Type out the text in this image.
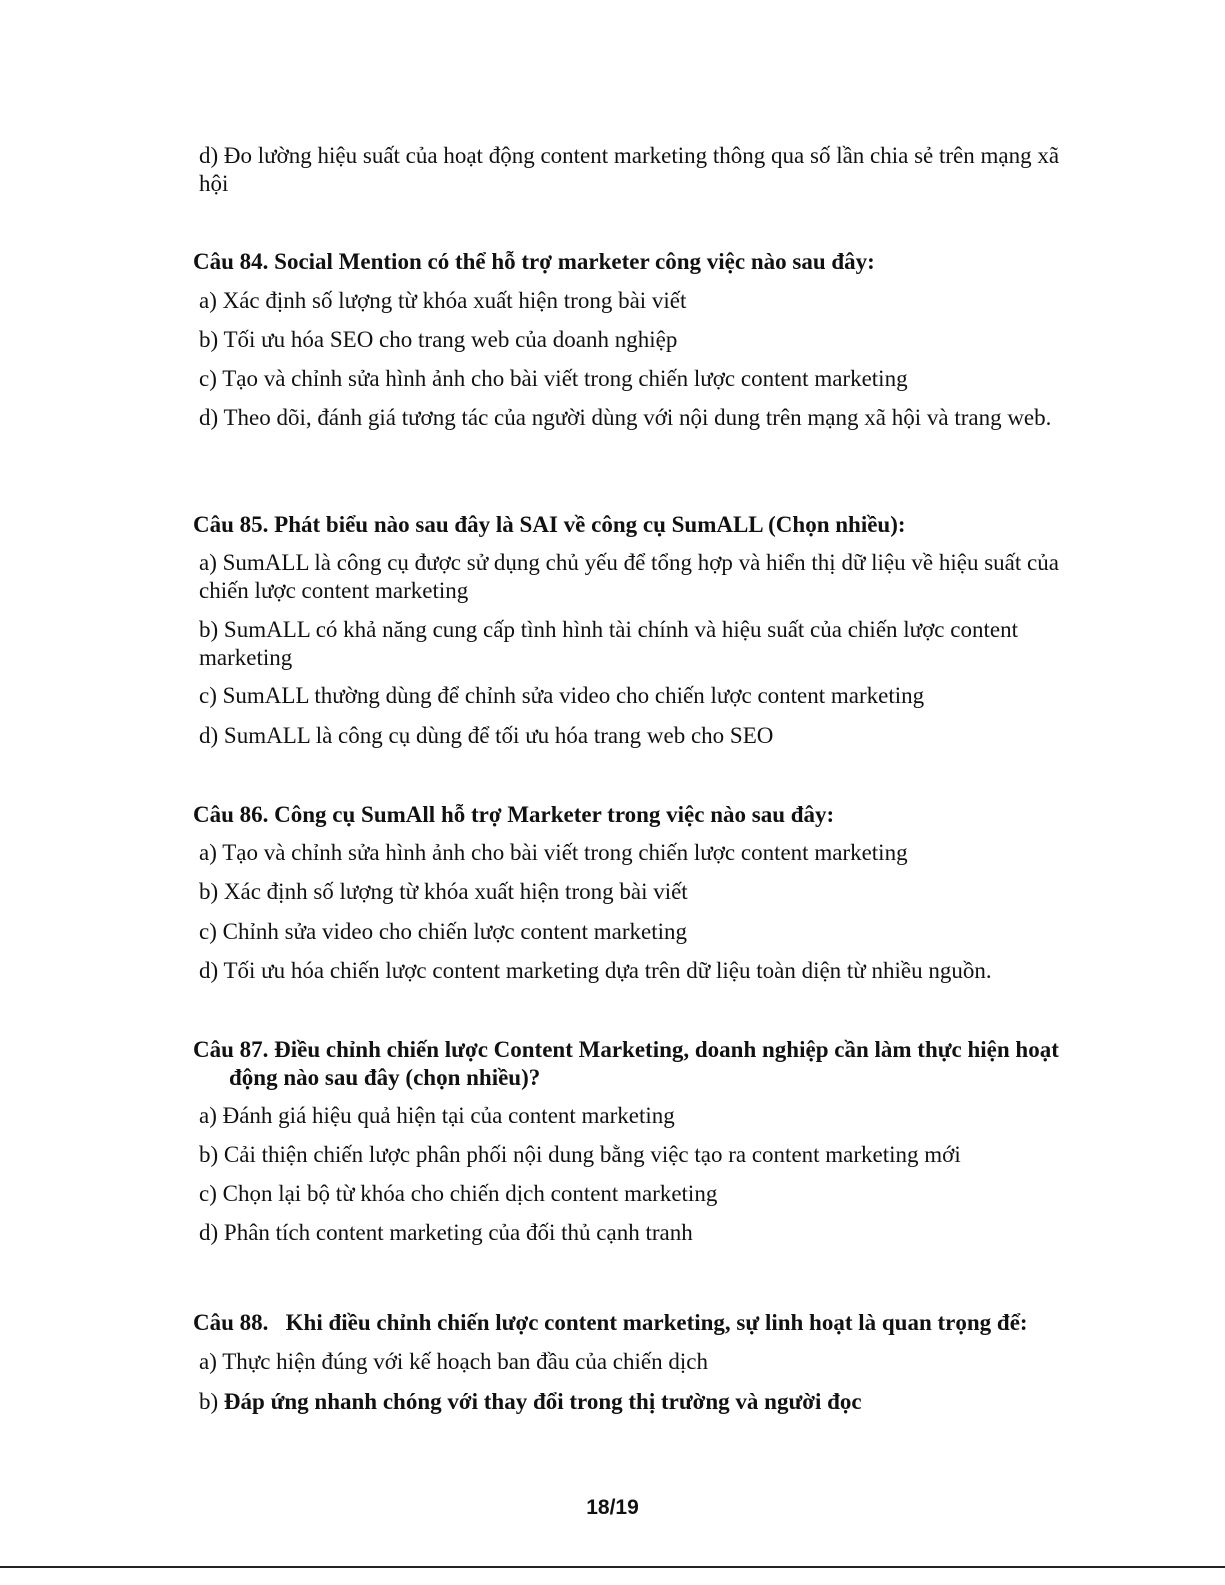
d) Đo lường hiệu suất của hoạt động content marketing thông qua số lần chia sẻ trên mạng xã hội

Câu 84. Social Mention có thể hỗ trợ marketer công việc nào sau đây:

a) Xác định số lượng từ khóa xuất hiện trong bài viết

b) Tối ưu hóa SEO cho trang web của doanh nghiệp

c) Tạo và chỉnh sửa hình ảnh cho bài viết trong chiến lược content marketing

d) Theo dõi, đánh giá tương tác của người dùng với nội dung trên mạng xã hội và trang web.

Câu 85. Phát biểu nào sau đây là SAI về công cụ SumALL (Chọn nhiều):

a) SumALL là công cụ được sử dụng chủ yếu để tổng hợp và hiển thị dữ liệu về hiệu suất của chiến lược content marketing

b) SumALL có khả năng cung cấp tình hình tài chính và hiệu suất của chiến lược content marketing

c) SumALL thường dùng để chỉnh sửa video cho chiến lược content marketing

d) SumALL là công cụ dùng để tối ưu hóa trang web cho SEO

Câu 86. Công cụ SumAll hỗ trợ Marketer trong việc nào sau đây:

a) Tạo và chỉnh sửa hình ảnh cho bài viết trong chiến lược content marketing

b) Xác định số lượng từ khóa xuất hiện trong bài viết

c) Chỉnh sửa video cho chiến lược content marketing

d) Tối ưu hóa chiến lược content marketing dựa trên dữ liệu toàn diện từ nhiều nguồn.

Câu 87. Điều chỉnh chiến lược Content Marketing, doanh nghiệp cần làm thực hiện hoạt động nào sau đây (chọn nhiều)?

a) Đánh giá hiệu quả hiện tại của content marketing

b) Cải thiện chiến lược phân phối nội dung bằng việc tạo ra content marketing mới

c) Chọn lại bộ từ khóa cho chiến dịch content marketing

d) Phân tích content marketing của đối thủ cạnh tranh

Câu 88. Khi điều chỉnh chiến lược content marketing, sự linh hoạt là quan trọng để:

a) Thực hiện đúng với kế hoạch ban đầu của chiến dịch

b) Đáp ứng nhanh chóng với thay đổi trong thị trường và người đọc

18/19
